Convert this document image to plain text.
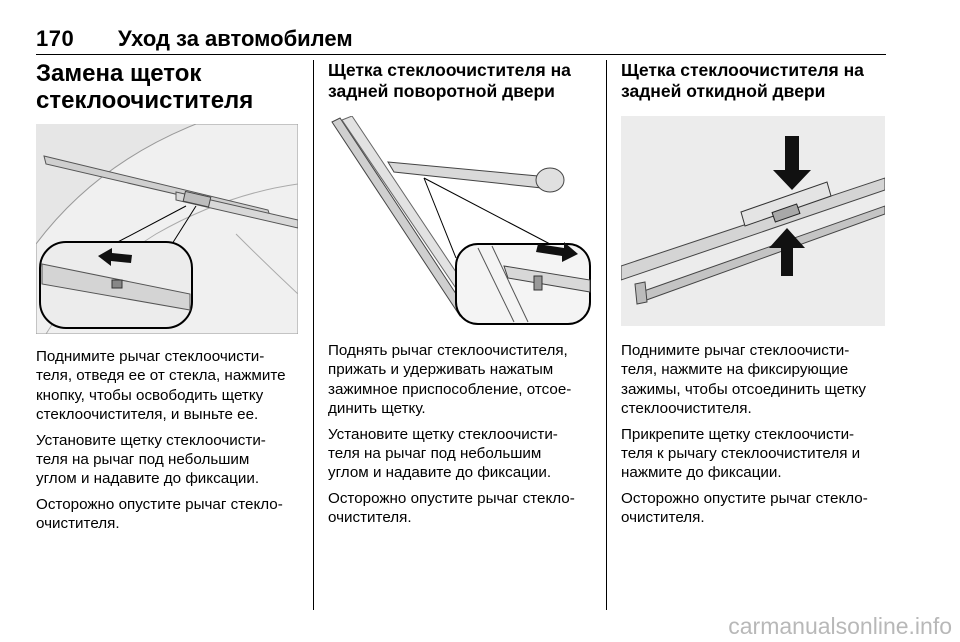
170 Уход за автомобилем
Замена щеток стеклоочистителя

Поднимите рычаг стеклоочисти-
теля, отведя ее от стекла, нажмите
кнопку, чтобы освободить щетку
стеклоочистителя, и выньте ее.

Установите щетку стеклоочисти-
теля на рычаг под небольшим
углом и надавите до фиксации.

Осторожно опустите рычаг стекло-
очистителя.

Щетка стеклоочистителя на задней поворотной двери

Поднять рычаг стеклоочистителя,
прижать и удерживать нажатым
зажимное приспособление, отсое-
динить щетку.

Установите щетку стеклоочисти-
теля на рычаг под небольшим
углом и надавите до фиксации.

Осторожно опустите рычаг стекло-
очистителя.

Щетка стеклоочистителя на задней откидной двери

Поднимите рычаг стеклоочисти-
теля, нажмите на фиксирующие
зажимы, чтобы отсоединить щетку
стеклоочистителя.

Прикрепите щетку стеклоочисти-
теля к рычагу стеклоочистителя и
нажмите до фиксации.

Осторожно опустите рычаг стекло-
очистителя.

carmanualsonline.info
